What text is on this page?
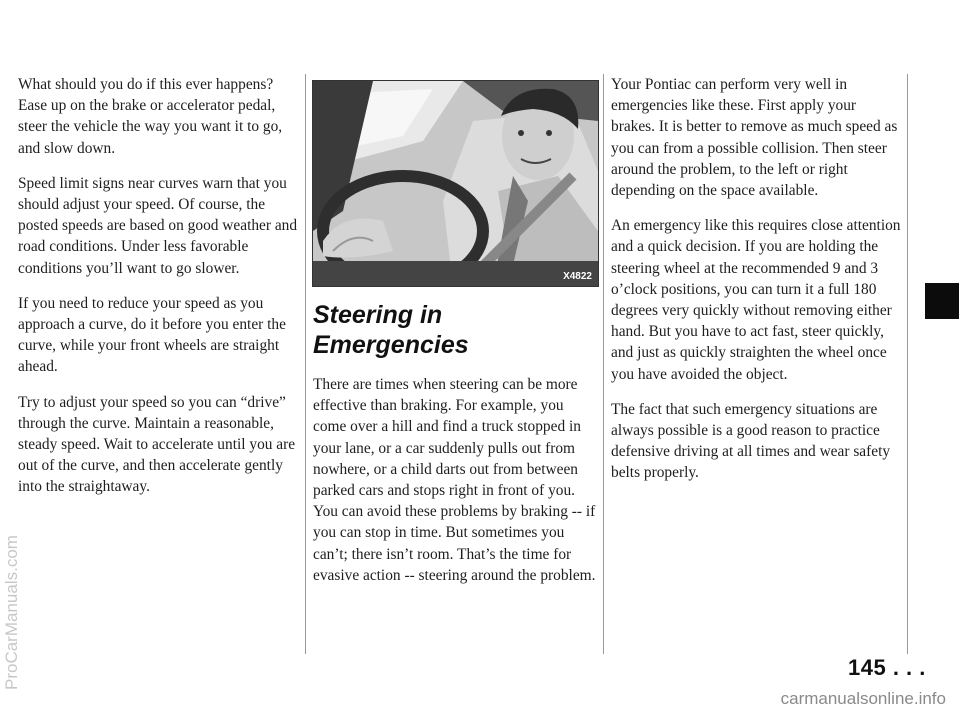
What should you do if this ever happens? Ease up on the brake or accelerator pedal, steer the vehicle the way you want it to go, and slow down.

Speed limit signs near curves warn that you should adjust your speed. Of course, the posted speeds are based on good weather and road conditions. Under less favorable conditions you’ll want to go slower.

If you need to reduce your speed as you approach a curve, do it before you enter the curve, while your front wheels are straight ahead.

Try to adjust your speed so you can “drive” through the curve. Maintain a reasonable, steady speed. Wait to accelerate until you are out of the curve, and then accelerate gently into the straightaway.

X4822
Steering in Emergencies

There are times when steering can be more effective than braking. For example, you come over a hill and find a truck stopped in your lane, or a car suddenly pulls out from nowhere, or a child darts out from between parked cars and stops right in front of you. You can avoid these problems by braking -- if you can stop in time. But sometimes you can’t; there isn’t room. That’s the time for evasive action -- steering around the problem.

Your Pontiac can perform very well in emergencies like these. First apply your brakes. It is better to remove as much speed as you can from a possible collision. Then steer around the problem, to the left or right depending on the space available.

An emergency like this requires close attention and a quick decision. If you are holding the steering wheel at the recommended 9 and 3 o’clock positions, you can turn it a full 180 degrees very quickly without removing either hand. But you have to act fast, steer quickly, and just as quickly straighten the wheel once you have avoided the object.

The fact that such emergency situations are always possible is a good reason to practice defensive driving at all times and wear safety belts properly.

145 . . .
ProCarManuals.com
carmanualsonline.info
